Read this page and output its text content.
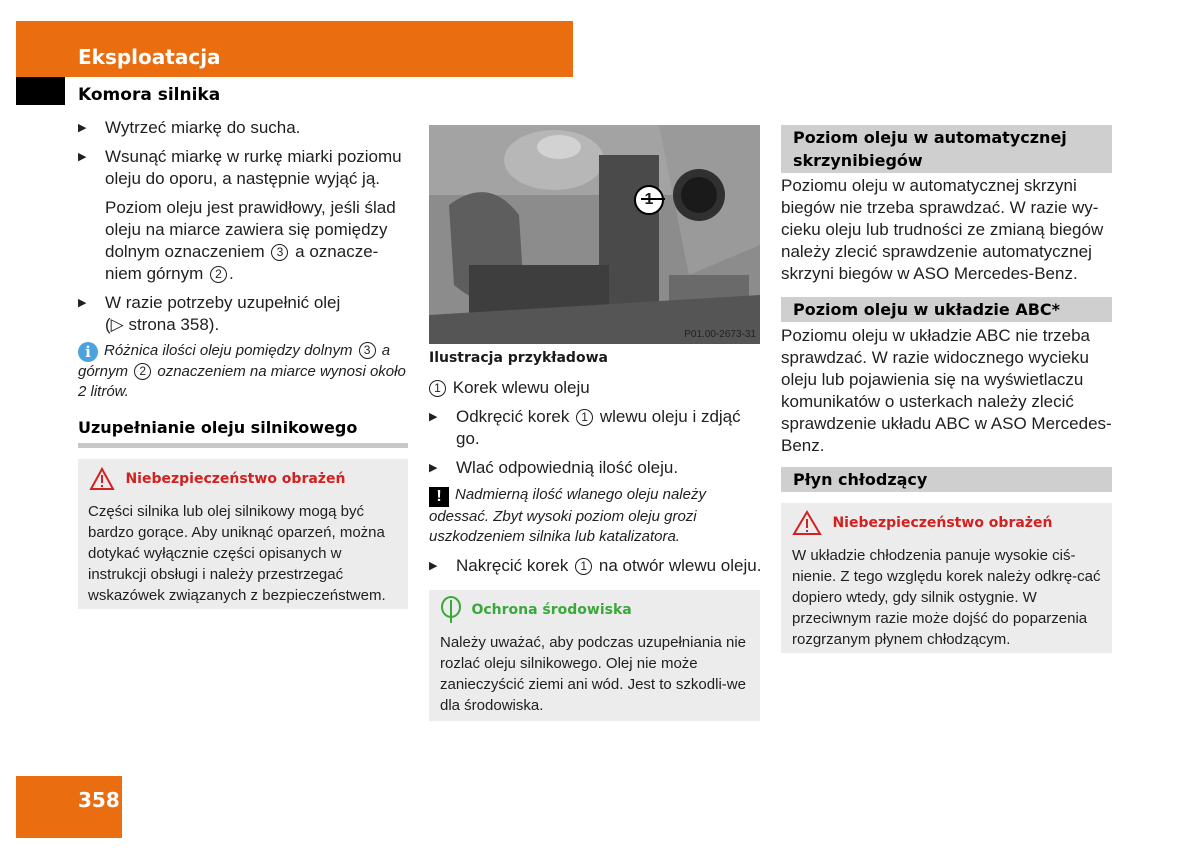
Eksploatacja
Komora silnika
▶ Wytrzeć miarkę do sucha.
▶ Wsunąć miarkę w rurkę miarki poziomu oleju do oporu, a następnie wyjąć ją.
Poziom oleju jest prawidłowy, jeśli ślad oleju na miarce zawiera się pomiędzy dolnym oznaczeniem 3 a oznacze-niem górnym 2 .
▶ W razie potrzeby uzupełnić olej
(▷ strona 358).
i Różnica ilości oleju pomiędzy dolnym 3 a górnym 2 oznaczeniem na miarce wynosi około 2 litrów.
Uzupełnianie oleju silnikowego
Niebezpieczeństwo obrażeń
Części silnika lub olej silnikowy mogą być bardzo gorące. Aby uniknąć oparzeń, można dotykać wyłącznie części opisanych w instrukcji obsługi i należy przestrzegać wskazówek związanych z bezpieczeństwem.
P01.00-2673-31
Ilustracja przykładowa
1 Korek wlewu oleju
▶ Odkręcić korek 1 wlewu oleju i zdjąć go.
▶ Wlać odpowiednią ilość oleju.
! Nadmierną ilość wlanego oleju należy odessać. Zbyt wysoki poziom oleju grozi uszkodzeniem silnika lub katalizatora.
▶ Nakręcić korek 1 na otwór wlewu oleju.
Ochrona środowiska
Należy uważać, aby podczas uzupełniania nie rozlać oleju silnikowego. Olej nie może zanieczyścić ziemi ani wód. Jest to szkodli-we dla środowiska.
Poziom oleju w automatycznej skrzynibiegów
Poziomu oleju w automatycznej skrzyni biegów nie trzeba sprawdzać. W razie wy-cieku oleju lub trudności ze zmianą biegów należy zlecić sprawdzenie automatycznej skrzyni biegów w ASO Mercedes-Benz.
Poziom oleju w układzie ABC*
Poziomu oleju w układzie ABC nie trzeba sprawdzać. W razie widocznego wycieku oleju lub pojawienia się na wyświetlaczu komunikatów o usterkach należy zlecić sprawdzenie układu ABC w ASO Mercedes-Benz.
Płyn chłodzący
Niebezpieczeństwo obrażeń
W układzie chłodzenia panuje wysokie ciś-nienie. Z tego względu korek należy odkrę-cać dopiero wtedy, gdy silnik ostygnie. W przeciwnym razie może dojść do poparzenia rozgrzanym płynem chłodzącym.
358
